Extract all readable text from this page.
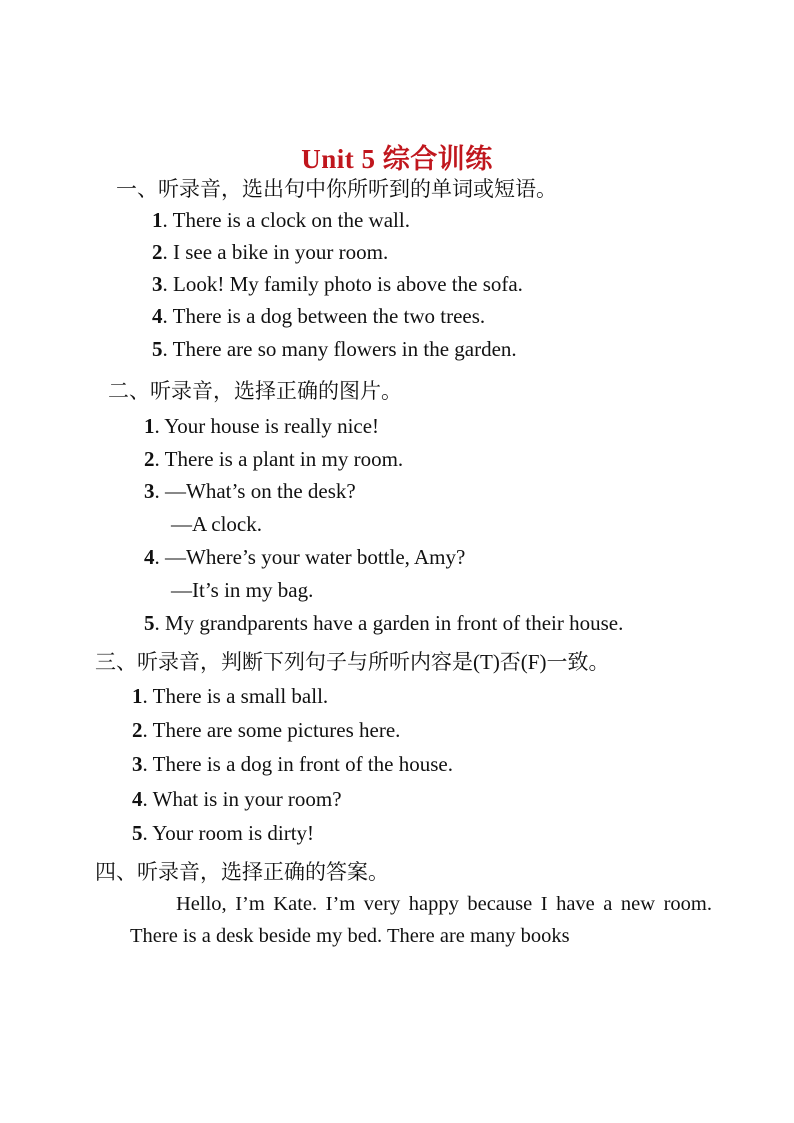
Unit 5 综合训练
一、听录音，选出句中你所听到的单词或短语。
1. There is a clock on the wall.
2. I see a bike in your room.
3. Look! My family photo is above the sofa.
4. There is a dog between the two trees.
5. There are so many flowers in the garden.
二、听录音，选择正确的图片。
1. Your house is really nice!
2. There is a plant in my room.
3. —What’s on the desk?
—A clock.
4. —Where’s your water bottle, Amy?
—It’s in my bag.
5. My grandparents have a garden in front of their house.
三、听录音，判断下列句子与所听内容是(T)否(F)一致。
1. There is a small ball.
2. There are some pictures here.
3. There is a dog in front of the house.
4. What is in your room?
5. Your room is dirty!
四、听录音，选择正确的答案。
Hello, I’m Kate. I’m very happy because I have a new room. There is a desk beside my bed. There are many books
